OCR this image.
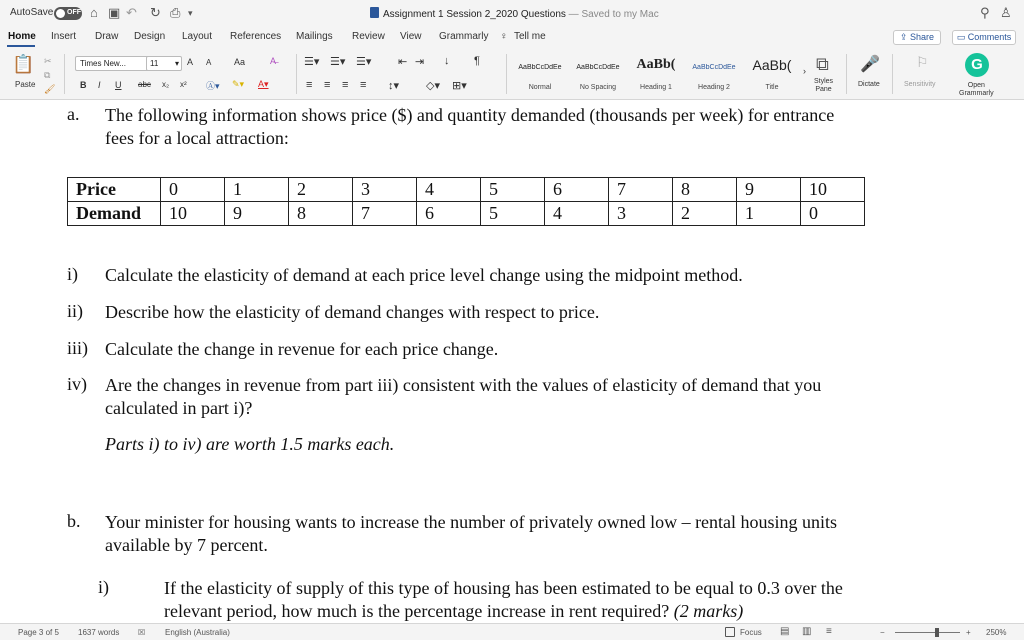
AutoSave OFF ⌂ ▣ ↶ ↻ ⎙ ▾	Assignment 1 Session 2_2020 Questions — Saved to my Mac	⚲ ♙
Home Insert Draw Design Layout References Mailings Review View Grammarly ♀ Tell me	⇪ Share	▭ Comments
📋
Paste
✂
⧉
🖌
Times New...	11 ▾ A A	Aa	A̶
B I U abc x₂ x² Ⓐ▾ ✎▾ A▾
☰▾ ☰▾ ☰▾ ⇤ ⇥ ↓ ¶
≡ ≡ ≡ ≡ ↕▾ ◇▾ ⊞▾
AaBbCcDdEe
Normal
AaBbCcDdEe
No Spacing
AaBb(
Heading 1
AaBbCcDdEe
Heading 2
AaBb(
Title
› ⧉
Styles
Pane
🎤
Dictate
⚐
Sensitivity	Open
Grammarly
G
a. The following information shows price ($) and quantity demanded (thousands per week) for entrance fees for a local attraction:
Price	0	1	2	3	4	5	6	7	8	9	10
Demand	10	9	8	7	6	5	4	3	2	1	0
i) Calculate the elasticity of demand at each price level change using the midpoint method.
ii) Describe how the elasticity of demand changes with respect to price.
iii) Calculate the change in revenue for each price change.
iv) Are the changes in revenue from part iii) consistent with the values of elasticity of demand that you calculated in part i)?
Parts i) to iv) are worth 1.5 marks each.
b. Your minister for housing wants to increase the number of privately owned low – rental housing units available by 7 percent.
i)	If the elasticity of supply of this type of housing has been estimated to be equal to 0.3 over the relevant period, how much is the percentage increase in rent required? (2 marks)
Page 3 of 5 1637 words ☒ English (Australia)	Focus ▤ ▥ ≡	−	+ 250%
